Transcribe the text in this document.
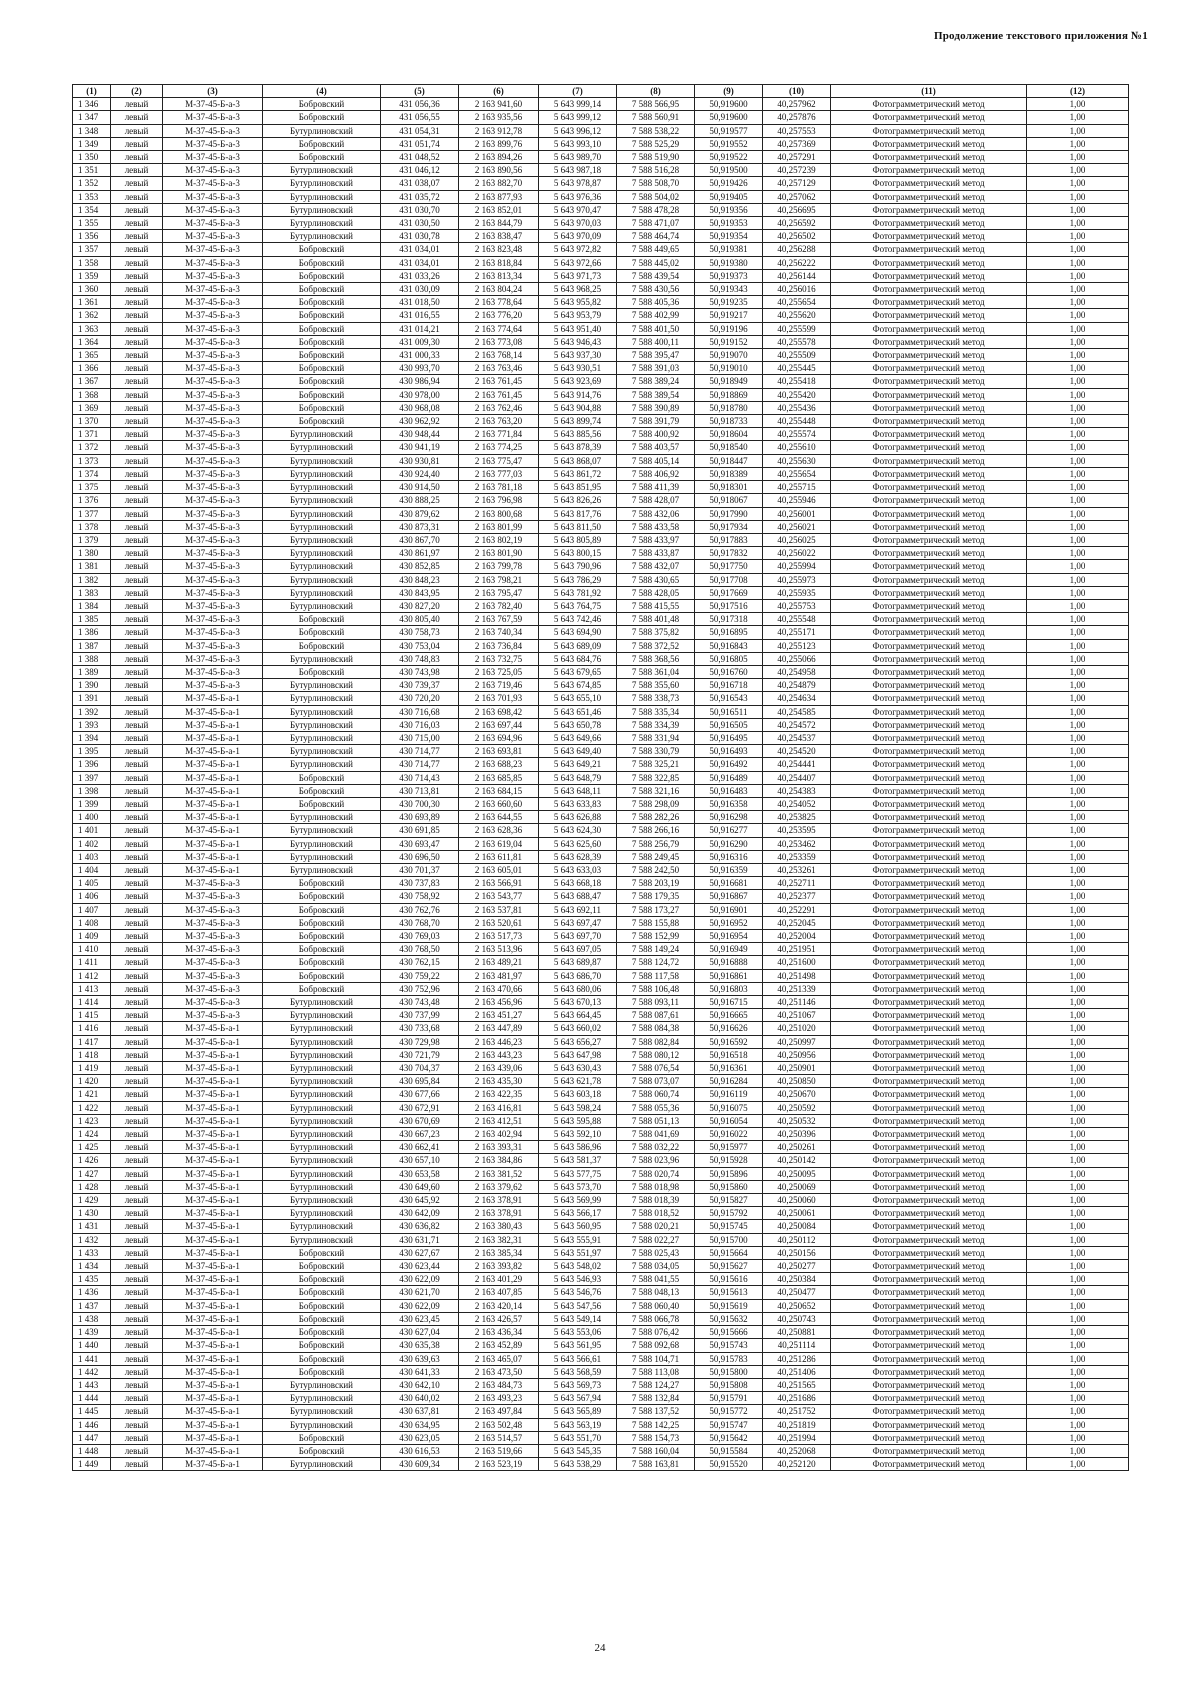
Продолжение текстового приложения №1
(1)	(2)	(3)	(4)	(5)	(6)	(7)	(8)	(9)	(10)	(11)	(12)
1 346	левый	М-37-45-Б-а-3	Бобровский	431 056,36	2 163 941,60	5 643 999,14	7 588 566,95	50,919600	40,257962	Фотограмметрический метод	1,00
1 347	левый	М-37-45-Б-а-3	Бобровский	431 056,55	2 163 935,56	5 643 999,12	7 588 560,91	50,919600	40,257876	Фотограмметрический метод	1,00
1 348	левый	М-37-45-Б-а-3	Бутурлиновский	431 054,31	2 163 912,78	5 643 996,12	7 588 538,22	50,919577	40,257553	Фотограмметрический метод	1,00
1 349	левый	М-37-45-Б-а-3	Бобровский	431 051,74	2 163 899,76	5 643 993,10	7 588 525,29	50,919552	40,257369	Фотограмметрический метод	1,00
1 350	левый	М-37-45-Б-а-3	Бобровский	431 048,52	2 163 894,26	5 643 989,70	7 588 519,90	50,919522	40,257291	Фотограмметрический метод	1,00
1 351	левый	М-37-45-Б-а-3	Бутурлиновский	431 046,12	2 163 890,56	5 643 987,18	7 588 516,28	50,919500	40,257239	Фотограмметрический метод	1,00
1 352	левый	М-37-45-Б-а-3	Бутурлиновский	431 038,07	2 163 882,70	5 643 978,87	7 588 508,70	50,919426	40,257129	Фотограмметрический метод	1,00
1 353	левый	М-37-45-Б-а-3	Бутурлиновский	431 035,72	2 163 877,93	5 643 976,36	7 588 504,02	50,919405	40,257062	Фотограмметрический метод	1,00
1 354	левый	М-37-45-Б-а-3	Бутурлиновский	431 030,70	2 163 852,01	5 643 970,47	7 588 478,28	50,919356	40,256695	Фотограмметрический метод	1,00
1 355	левый	М-37-45-Б-а-3	Бутурлиновский	431 030,50	2 163 844,79	5 643 970,03	7 588 471,07	50,919353	40,256592	Фотограмметрический метод	1,00
1 356	левый	М-37-45-Б-а-3	Бутурлиновский	431 030,78	2 163 838,47	5 643 970,09	7 588 464,74	50,919354	40,256502	Фотограмметрический метод	1,00
1 357	левый	М-37-45-Б-а-3	Бобровский	431 034,01	2 163 823,48	5 643 972,82	7 588 449,65	50,919381	40,256288	Фотограмметрический метод	1,00
1 358	левый	М-37-45-Б-а-3	Бобровский	431 034,01	2 163 818,84	5 643 972,66	7 588 445,02	50,919380	40,256222	Фотограмметрический метод	1,00
1 359	левый	М-37-45-Б-а-3	Бобровский	431 033,26	2 163 813,34	5 643 971,73	7 588 439,54	50,919373	40,256144	Фотограмметрический метод	1,00
1 360	левый	М-37-45-Б-а-3	Бобровский	431 030,09	2 163 804,24	5 643 968,25	7 588 430,56	50,919343	40,256016	Фотограмметрический метод	1,00
1 361	левый	М-37-45-Б-а-3	Бобровский	431 018,50	2 163 778,64	5 643 955,82	7 588 405,36	50,919235	40,255654	Фотограмметрический метод	1,00
1 362	левый	М-37-45-Б-а-3	Бобровский	431 016,55	2 163 776,20	5 643 953,79	7 588 402,99	50,919217	40,255620	Фотограмметрический метод	1,00
1 363	левый	М-37-45-Б-а-3	Бобровский	431 014,21	2 163 774,64	5 643 951,40	7 588 401,50	50,919196	40,255599	Фотограмметрический метод	1,00
1 364	левый	М-37-45-Б-а-3	Бобровский	431 009,30	2 163 773,08	5 643 946,43	7 588 400,11	50,919152	40,255578	Фотограмметрический метод	1,00
1 365	левый	М-37-45-Б-а-3	Бобровский	431 000,33	2 163 768,14	5 643 937,30	7 588 395,47	50,919070	40,255509	Фотограмметрический метод	1,00
1 366	левый	М-37-45-Б-а-3	Бобровский	430 993,70	2 163 763,46	5 643 930,51	7 588 391,03	50,919010	40,255445	Фотограмметрический метод	1,00
1 367	левый	М-37-45-Б-а-3	Бобровский	430 986,94	2 163 761,45	5 643 923,69	7 588 389,24	50,918949	40,255418	Фотограмметрический метод	1,00
1 368	левый	М-37-45-Б-а-3	Бобровский	430 978,00	2 163 761,45	5 643 914,76	7 588 389,54	50,918869	40,255420	Фотограмметрический метод	1,00
1 369	левый	М-37-45-Б-а-3	Бобровский	430 968,08	2 163 762,46	5 643 904,88	7 588 390,89	50,918780	40,255436	Фотограмметрический метод	1,00
1 370	левый	М-37-45-Б-а-3	Бобровский	430 962,92	2 163 763,20	5 643 899,74	7 588 391,79	50,918733	40,255448	Фотограмметрический метод	1,00
1 371	левый	М-37-45-Б-а-3	Бутурлиновский	430 948,44	2 163 771,84	5 643 885,56	7 588 400,92	50,918604	40,255574	Фотограмметрический метод	1,00
1 372	левый	М-37-45-Б-а-3	Бутурлиновский	430 941,19	2 163 774,25	5 643 878,39	7 588 403,57	50,918540	40,255610	Фотограмметрический метод	1,00
1 373	левый	М-37-45-Б-а-3	Бутурлиновский	430 930,81	2 163 775,47	5 643 868,07	7 588 405,14	50,918447	40,255630	Фотограмметрический метод	1,00
1 374	левый	М-37-45-Б-а-3	Бутурлиновский	430 924,40	2 163 777,03	5 643 861,72	7 588 406,92	50,918389	40,255654	Фотограмметрический метод	1,00
1 375	левый	М-37-45-Б-а-3	Бутурлиновский	430 914,50	2 163 781,18	5 643 851,95	7 588 411,39	50,918301	40,255715	Фотограмметрический метод	1,00
1 376	левый	М-37-45-Б-а-3	Бутурлиновский	430 888,25	2 163 796,98	5 643 826,26	7 588 428,07	50,918067	40,255946	Фотограмметрический метод	1,00
1 377	левый	М-37-45-Б-а-3	Бутурлиновский	430 879,62	2 163 800,68	5 643 817,76	7 588 432,06	50,917990	40,256001	Фотограмметрический метод	1,00
1 378	левый	М-37-45-Б-а-3	Бутурлиновский	430 873,31	2 163 801,99	5 643 811,50	7 588 433,58	50,917934	40,256021	Фотограмметрический метод	1,00
1 379	левый	М-37-45-Б-а-3	Бутурлиновский	430 867,70	2 163 802,19	5 643 805,89	7 588 433,97	50,917883	40,256025	Фотограмметрический метод	1,00
1 380	левый	М-37-45-Б-а-3	Бутурлиновский	430 861,97	2 163 801,90	5 643 800,15	7 588 433,87	50,917832	40,256022	Фотограмметрический метод	1,00
1 381	левый	М-37-45-Б-а-3	Бутурлиновский	430 852,85	2 163 799,78	5 643 790,96	7 588 432,07	50,917750	40,255994	Фотограмметрический метод	1,00
1 382	левый	М-37-45-Б-а-3	Бутурлиновский	430 848,23	2 163 798,21	5 643 786,29	7 588 430,65	50,917708	40,255973	Фотограмметрический метод	1,00
1 383	левый	М-37-45-Б-а-3	Бутурлиновский	430 843,95	2 163 795,47	5 643 781,92	7 588 428,05	50,917669	40,255935	Фотограмметрический метод	1,00
1 384	левый	М-37-45-Б-а-3	Бутурлиновский	430 827,20	2 163 782,40	5 643 764,75	7 588 415,55	50,917516	40,255753	Фотограмметрический метод	1,00
1 385	левый	М-37-45-Б-а-3	Бобровский	430 805,40	2 163 767,59	5 643 742,46	7 588 401,48	50,917318	40,255548	Фотограмметрический метод	1,00
1 386	левый	М-37-45-Б-а-3	Бобровский	430 758,73	2 163 740,34	5 643 694,90	7 588 375,82	50,916895	40,255171	Фотограмметрический метод	1,00
1 387	левый	М-37-45-Б-а-3	Бобровский	430 753,04	2 163 736,84	5 643 689,09	7 588 372,52	50,916843	40,255123	Фотограмметрический метод	1,00
1 388	левый	М-37-45-Б-а-3	Бутурлиновский	430 748,83	2 163 732,75	5 643 684,76	7 588 368,56	50,916805	40,255066	Фотограмметрический метод	1,00
1 389	левый	М-37-45-Б-а-3	Бобровский	430 743,98	2 163 725,05	5 643 679,65	7 588 361,04	50,916760	40,254958	Фотограмметрический метод	1,00
1 390	левый	М-37-45-Б-а-3	Бутурлиновский	430 739,37	2 163 719,46	5 643 674,85	7 588 355,60	50,916718	40,254879	Фотограмметрический метод	1,00
1 391	левый	М-37-45-Б-а-1	Бутурлиновский	430 720,20	2 163 701,93	5 643 655,10	7 588 338,73	50,916543	40,254634	Фотограмметрический метод	1,00
1 392	левый	М-37-45-Б-а-1	Бутурлиновский	430 716,68	2 163 698,42	5 643 651,46	7 588 335,34	50,916511	40,254585	Фотограмметрический метод	1,00
1 393	левый	М-37-45-Б-а-1	Бутурлиновский	430 716,03	2 163 697,44	5 643 650,78	7 588 334,39	50,916505	40,254572	Фотограмметрический метод	1,00
1 394	левый	М-37-45-Б-а-1	Бутурлиновский	430 715,00	2 163 694,96	5 643 649,66	7 588 331,94	50,916495	40,254537	Фотограмметрический метод	1,00
1 395	левый	М-37-45-Б-а-1	Бутурлиновский	430 714,77	2 163 693,81	5 643 649,40	7 588 330,79	50,916493	40,254520	Фотограмметрический метод	1,00
1 396	левый	М-37-45-Б-а-1	Бутурлиновский	430 714,77	2 163 688,23	5 643 649,21	7 588 325,21	50,916492	40,254441	Фотограмметрический метод	1,00
1 397	левый	М-37-45-Б-а-1	Бобровский	430 714,43	2 163 685,85	5 643 648,79	7 588 322,85	50,916489	40,254407	Фотограмметрический метод	1,00
1 398	левый	М-37-45-Б-а-1	Бобровский	430 713,81	2 163 684,15	5 643 648,11	7 588 321,16	50,916483	40,254383	Фотограмметрический метод	1,00
1 399	левый	М-37-45-Б-а-1	Бобровский	430 700,30	2 163 660,60	5 643 633,83	7 588 298,09	50,916358	40,254052	Фотограмметрический метод	1,00
1 400	левый	М-37-45-Б-а-1	Бутурлиновский	430 693,89	2 163 644,55	5 643 626,88	7 588 282,26	50,916298	40,253825	Фотограмметрический метод	1,00
1 401	левый	М-37-45-Б-а-1	Бутурлиновский	430 691,85	2 163 628,36	5 643 624,30	7 588 266,16	50,916277	40,253595	Фотограмметрический метод	1,00
1 402	левый	М-37-45-Б-а-1	Бутурлиновский	430 693,47	2 163 619,04	5 643 625,60	7 588 256,79	50,916290	40,253462	Фотограмметрический метод	1,00
1 403	левый	М-37-45-Б-а-1	Бутурлиновский	430 696,50	2 163 611,81	5 643 628,39	7 588 249,45	50,916316	40,253359	Фотограмметрический метод	1,00
1 404	левый	М-37-45-Б-а-1	Бутурлиновский	430 701,37	2 163 605,01	5 643 633,03	7 588 242,50	50,916359	40,253261	Фотограмметрический метод	1,00
1 405	левый	М-37-45-Б-а-3	Бобровский	430 737,83	2 163 566,91	5 643 668,18	7 588 203,19	50,916681	40,252711	Фотограмметрический метод	1,00
1 406	левый	М-37-45-Б-а-3	Бобровский	430 758,92	2 163 543,77	5 643 688,47	7 588 179,35	50,916867	40,252377	Фотограмметрический метод	1,00
1 407	левый	М-37-45-Б-а-3	Бобровский	430 762,76	2 163 537,81	5 643 692,11	7 588 173,27	50,916901	40,252291	Фотограмметрический метод	1,00
1 408	левый	М-37-45-Б-а-3	Бобровский	430 768,70	2 163 520,61	5 643 697,47	7 588 155,88	50,916952	40,252045	Фотограмметрический метод	1,00
1 409	левый	М-37-45-Б-а-3	Бобровский	430 769,03	2 163 517,73	5 643 697,70	7 588 152,99	50,916954	40,252004	Фотограмметрический метод	1,00
1 410	левый	М-37-45-Б-а-3	Бобровский	430 768,50	2 163 513,96	5 643 697,05	7 588 149,24	50,916949	40,251951	Фотограмметрический метод	1,00
1 411	левый	М-37-45-Б-а-3	Бобровский	430 762,15	2 163 489,21	5 643 689,87	7 588 124,72	50,916888	40,251600	Фотограмметрический метод	1,00
1 412	левый	М-37-45-Б-а-3	Бобровский	430 759,22	2 163 481,97	5 643 686,70	7 588 117,58	50,916861	40,251498	Фотограмметрический метод	1,00
1 413	левый	М-37-45-Б-а-3	Бобровский	430 752,96	2 163 470,66	5 643 680,06	7 588 106,48	50,916803	40,251339	Фотограмметрический метод	1,00
1 414	левый	М-37-45-Б-а-3	Бутурлиновский	430 743,48	2 163 456,96	5 643 670,13	7 588 093,11	50,916715	40,251146	Фотограмметрический метод	1,00
1 415	левый	М-37-45-Б-а-3	Бутурлиновский	430 737,99	2 163 451,27	5 643 664,45	7 588 087,61	50,916665	40,251067	Фотограмметрический метод	1,00
1 416	левый	М-37-45-Б-а-1	Бутурлиновский	430 733,68	2 163 447,89	5 643 660,02	7 588 084,38	50,916626	40,251020	Фотограмметрический метод	1,00
1 417	левый	М-37-45-Б-а-1	Бутурлиновский	430 729,98	2 163 446,23	5 643 656,27	7 588 082,84	50,916592	40,250997	Фотограмметрический метод	1,00
1 418	левый	М-37-45-Б-а-1	Бутурлиновский	430 721,79	2 163 443,23	5 643 647,98	7 588 080,12	50,916518	40,250956	Фотограмметрический метод	1,00
1 419	левый	М-37-45-Б-а-1	Бутурлиновский	430 704,37	2 163 439,06	5 643 630,43	7 588 076,54	50,916361	40,250901	Фотограмметрический метод	1,00
1 420	левый	М-37-45-Б-а-1	Бутурлиновский	430 695,84	2 163 435,30	5 643 621,78	7 588 073,07	50,916284	40,250850	Фотограмметрический метод	1,00
1 421	левый	М-37-45-Б-а-1	Бутурлиновский	430 677,66	2 163 422,35	5 643 603,18	7 588 060,74	50,916119	40,250670	Фотограмметрический метод	1,00
1 422	левый	М-37-45-Б-а-1	Бутурлиновский	430 672,91	2 163 416,81	5 643 598,24	7 588 055,36	50,916075	40,250592	Фотограмметрический метод	1,00
1 423	левый	М-37-45-Б-а-1	Бутурлиновский	430 670,69	2 163 412,51	5 643 595,88	7 588 051,13	50,916054	40,250532	Фотограмметрический метод	1,00
1 424	левый	М-37-45-Б-а-1	Бутурлиновский	430 667,23	2 163 402,94	5 643 592,10	7 588 041,69	50,916022	40,250396	Фотограмметрический метод	1,00
1 425	левый	М-37-45-Б-а-1	Бутурлиновский	430 662,41	2 163 393,31	5 643 586,96	7 588 032,22	50,915977	40,250261	Фотограмметрический метод	1,00
1 426	левый	М-37-45-Б-а-1	Бутурлиновский	430 657,10	2 163 384,86	5 643 581,37	7 588 023,96	50,915928	40,250142	Фотограмметрический метод	1,00
1 427	левый	М-37-45-Б-а-1	Бутурлиновский	430 653,58	2 163 381,52	5 643 577,75	7 588 020,74	50,915896	40,250095	Фотограмметрический метод	1,00
1 428	левый	М-37-45-Б-а-1	Бутурлиновский	430 649,60	2 163 379,62	5 643 573,70	7 588 018,98	50,915860	40,250069	Фотограмметрический метод	1,00
1 429	левый	М-37-45-Б-а-1	Бутурлиновский	430 645,92	2 163 378,91	5 643 569,99	7 588 018,39	50,915827	40,250060	Фотограмметрический метод	1,00
1 430	левый	М-37-45-Б-а-1	Бутурлиновский	430 642,09	2 163 378,91	5 643 566,17	7 588 018,52	50,915792	40,250061	Фотограмметрический метод	1,00
1 431	левый	М-37-45-Б-а-1	Бутурлиновский	430 636,82	2 163 380,43	5 643 560,95	7 588 020,21	50,915745	40,250084	Фотограмметрический метод	1,00
1 432	левый	М-37-45-Б-а-1	Бутурлиновский	430 631,71	2 163 382,31	5 643 555,91	7 588 022,27	50,915700	40,250112	Фотограмметрический метод	1,00
1 433	левый	М-37-45-Б-а-1	Бобровский	430 627,67	2 163 385,34	5 643 551,97	7 588 025,43	50,915664	40,250156	Фотограмметрический метод	1,00
1 434	левый	М-37-45-Б-а-1	Бобровский	430 623,44	2 163 393,82	5 643 548,02	7 588 034,05	50,915627	40,250277	Фотограмметрический метод	1,00
1 435	левый	М-37-45-Б-а-1	Бобровский	430 622,09	2 163 401,29	5 643 546,93	7 588 041,55	50,915616	40,250384	Фотограмметрический метод	1,00
1 436	левый	М-37-45-Б-а-1	Бобровский	430 621,70	2 163 407,85	5 643 546,76	7 588 048,13	50,915613	40,250477	Фотограмметрический метод	1,00
1 437	левый	М-37-45-Б-а-1	Бобровский	430 622,09	2 163 420,14	5 643 547,56	7 588 060,40	50,915619	40,250652	Фотограмметрический метод	1,00
1 438	левый	М-37-45-Б-а-1	Бобровский	430 623,45	2 163 426,57	5 643 549,14	7 588 066,78	50,915632	40,250743	Фотограмметрический метод	1,00
1 439	левый	М-37-45-Б-а-1	Бобровский	430 627,04	2 163 436,34	5 643 553,06	7 588 076,42	50,915666	40,250881	Фотограмметрический метод	1,00
1 440	левый	М-37-45-Б-а-1	Бобровский	430 635,38	2 163 452,89	5 643 561,95	7 588 092,68	50,915743	40,251114	Фотограмметрический метод	1,00
1 441	левый	М-37-45-Б-а-1	Бобровский	430 639,63	2 163 465,07	5 643 566,61	7 588 104,71	50,915783	40,251286	Фотограмметрический метод	1,00
1 442	левый	М-37-45-Б-а-1	Бобровский	430 641,33	2 163 473,50	5 643 568,59	7 588 113,08	50,915800	40,251406	Фотограмметрический метод	1,00
1 443	левый	М-37-45-Б-а-1	Бутурлиновский	430 642,10	2 163 484,73	5 643 569,73	7 588 124,27	50,915808	40,251565	Фотограмметрический метод	1,00
1 444	левый	М-37-45-Б-а-1	Бутурлиновский	430 640,02	2 163 493,23	5 643 567,94	7 588 132,84	50,915791	40,251686	Фотограмметрический метод	1,00
1 445	левый	М-37-45-Б-а-1	Бутурлиновский	430 637,81	2 163 497,84	5 643 565,89	7 588 137,52	50,915772	40,251752	Фотограмметрический метод	1,00
1 446	левый	М-37-45-Б-а-1	Бутурлиновский	430 634,95	2 163 502,48	5 643 563,19	7 588 142,25	50,915747	40,251819	Фотограмметрический метод	1,00
1 447	левый	М-37-45-Б-а-1	Бобровский	430 623,05	2 163 514,57	5 643 551,70	7 588 154,73	50,915642	40,251994	Фотограмметрический метод	1,00
1 448	левый	М-37-45-Б-а-1	Бобровский	430 616,53	2 163 519,66	5 643 545,35	7 588 160,04	50,915584	40,252068	Фотограмметрический метод	1,00
1 449	левый	М-37-45-Б-а-1	Бутурлиновский	430 609,34	2 163 523,19	5 643 538,29	7 588 163,81	50,915520	40,252120	Фотограмметрический метод	1,00
24
